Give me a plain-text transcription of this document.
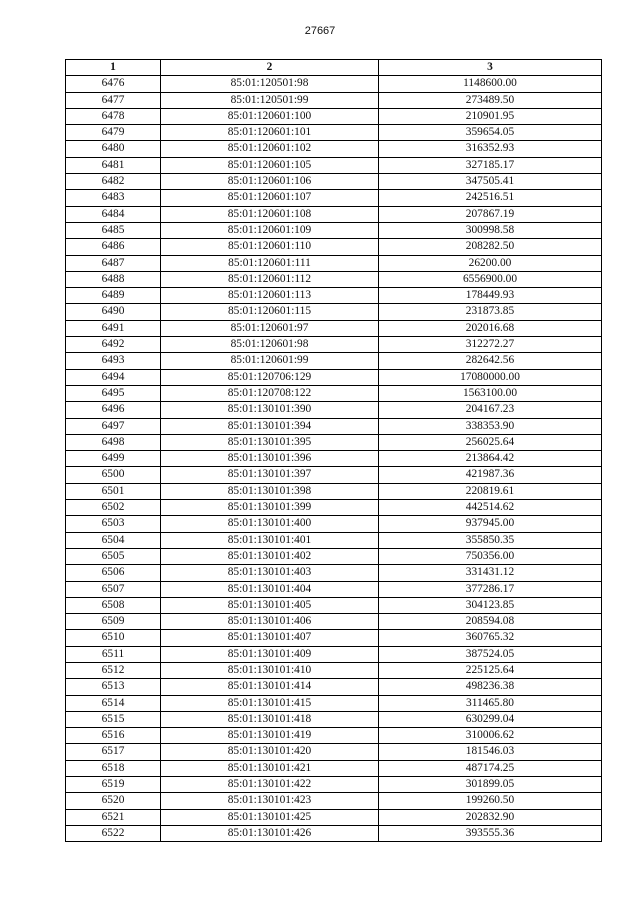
27667
1	2	3
6476	85:01:120501:98	1148600.00
6477	85:01:120501:99	273489.50
6478	85:01:120601:100	210901.95
6479	85:01:120601:101	359654.05
6480	85:01:120601:102	316352.93
6481	85:01:120601:105	327185.17
6482	85:01:120601:106	347505.41
6483	85:01:120601:107	242516.51
6484	85:01:120601:108	207867.19
6485	85:01:120601:109	300998.58
6486	85:01:120601:110	208282.50
6487	85:01:120601:111	26200.00
6488	85:01:120601:112	6556900.00
6489	85:01:120601:113	178449.93
6490	85:01:120601:115	231873.85
6491	85:01:120601:97	202016.68
6492	85:01:120601:98	312272.27
6493	85:01:120601:99	282642.56
6494	85:01:120706:129	17080000.00
6495	85:01:120708:122	1563100.00
6496	85:01:130101:390	204167.23
6497	85:01:130101:394	338353.90
6498	85:01:130101:395	256025.64
6499	85:01:130101:396	213864.42
6500	85:01:130101:397	421987.36
6501	85:01:130101:398	220819.61
6502	85:01:130101:399	442514.62
6503	85:01:130101:400	937945.00
6504	85:01:130101:401	355850.35
6505	85:01:130101:402	750356.00
6506	85:01:130101:403	331431.12
6507	85:01:130101:404	377286.17
6508	85:01:130101:405	304123.85
6509	85:01:130101:406	208594.08
6510	85:01:130101:407	360765.32
6511	85:01:130101:409	387524.05
6512	85:01:130101:410	225125.64
6513	85:01:130101:414	498236.38
6514	85:01:130101:415	311465.80
6515	85:01:130101:418	630299.04
6516	85:01:130101:419	310006.62
6517	85:01:130101:420	181546.03
6518	85:01:130101:421	487174.25
6519	85:01:130101:422	301899.05
6520	85:01:130101:423	199260.50
6521	85:01:130101:425	202832.90
6522	85:01:130101:426	393555.36
